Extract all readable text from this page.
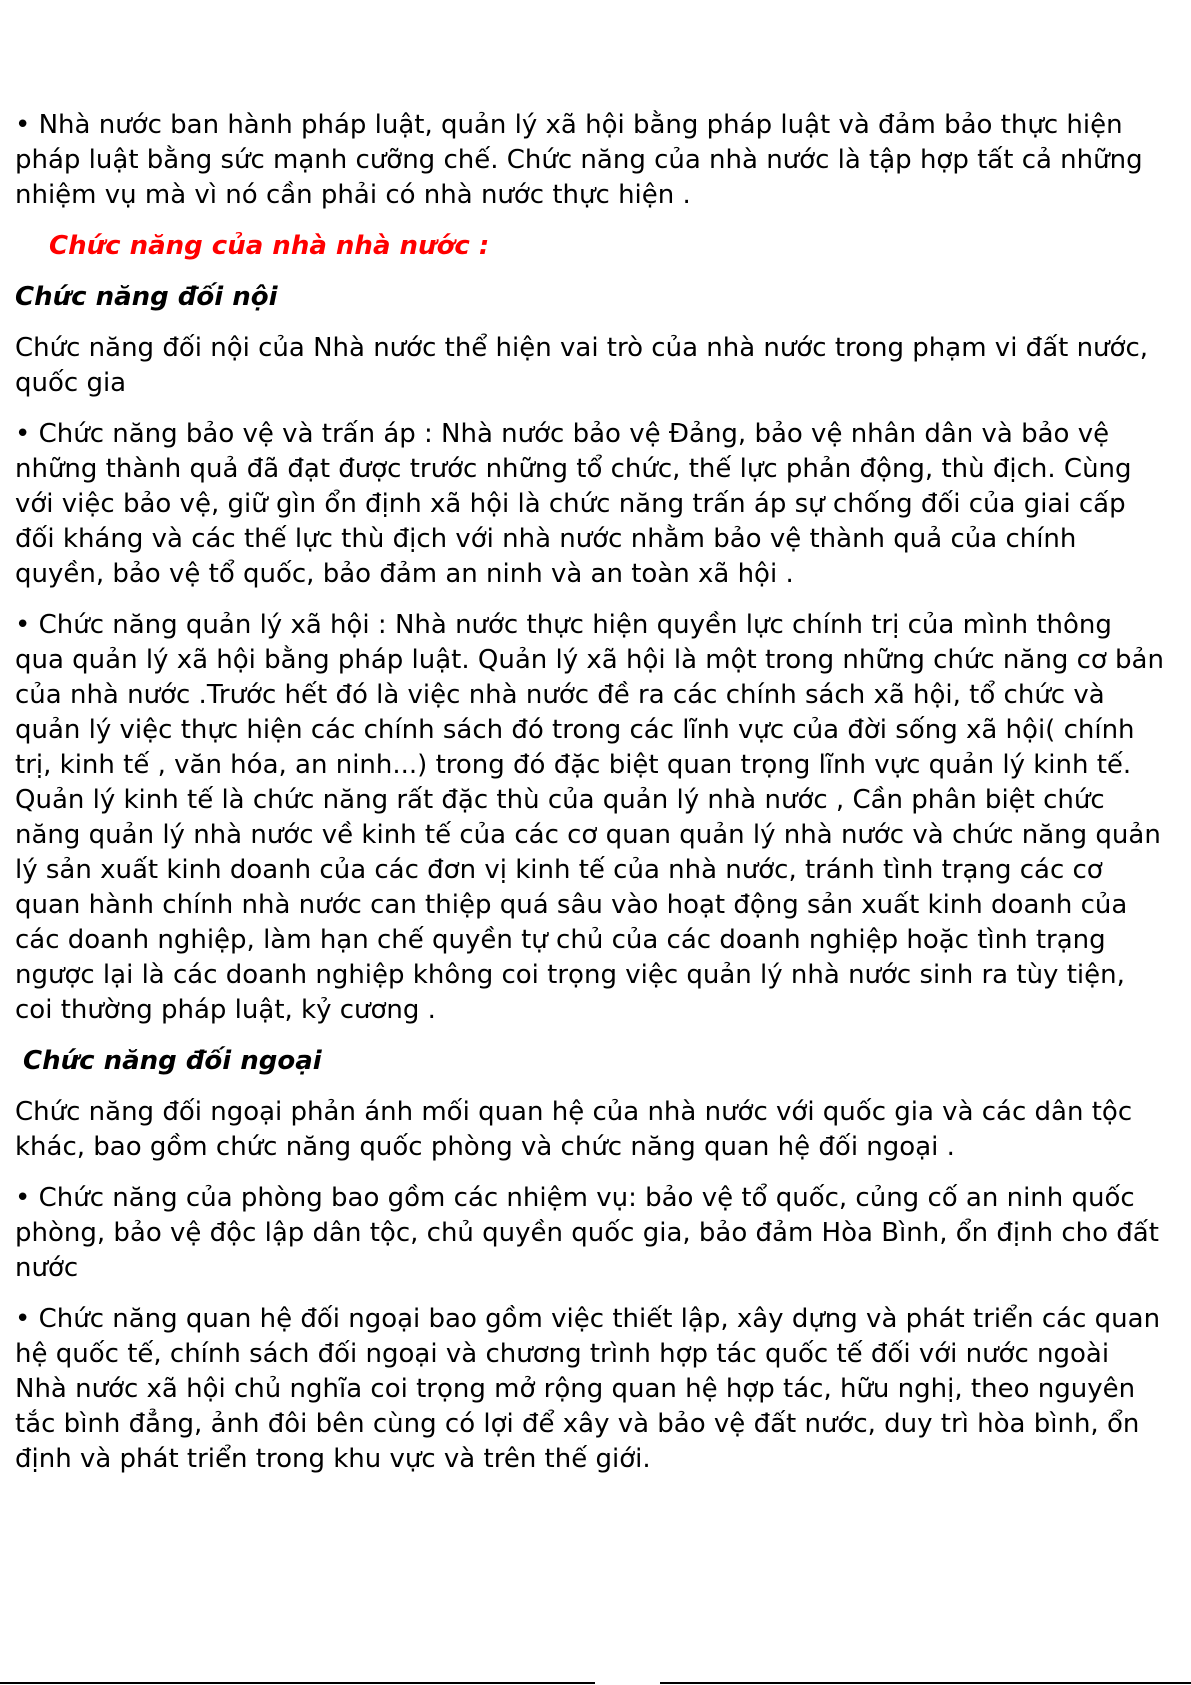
• Nhà nước ban hành pháp luật, quản lý xã hội bằng pháp luật và đảm bảo thực hiện pháp luật bằng sức mạnh cưỡng chế. Chức năng của nhà nước là tập hợp tất cả những nhiệm vụ mà vì nó cần phải có nhà nước thực hiện .

Chức năng của nhà nhà nước :

Chức năng đối nội

Chức năng đối nội của Nhà nước thể hiện vai trò của nhà nước trong phạm vi đất nước, quốc gia

• Chức năng bảo vệ và trấn áp : Nhà nước bảo vệ Đảng, bảo vệ nhân dân và bảo vệ những thành quả đã đạt được trước những tổ chức, thế lực phản động, thù địch. Cùng với việc bảo vệ, giữ gìn ổn định xã hội là chức năng trấn áp sự chống đối của giai cấp đối kháng và các thế lực thù địch với nhà nước nhằm bảo vệ thành quả của chính quyền, bảo vệ tổ quốc, bảo đảm an ninh và an toàn xã hội .

• Chức năng quản lý xã hội : Nhà nước thực hiện quyền lực chính trị của mình thông qua quản lý xã hội bằng pháp luật. Quản lý xã hội là một trong những chức năng cơ bản của nhà nước .Trước hết đó là việc nhà nước đề ra các chính sách xã hội, tổ chức và quản lý việc thực hiện các chính sách đó trong các lĩnh vực của đời sống xã hội( chính trị, kinh tế , văn hóa, an ninh...) trong đó đặc biệt quan trọng lĩnh vực quản lý kinh tế. Quản lý kinh tế là chức năng rất đặc thù của quản lý nhà nước , Cần phân biệt chức năng quản lý nhà nước về kinh tế của các cơ quan quản lý nhà nước và chức năng quản lý sản xuất kinh doanh của các đơn vị kinh tế của nhà nước, tránh tình trạng các cơ quan hành chính nhà nước can thiệp quá sâu vào hoạt động sản xuất kinh doanh của các doanh nghiệp, làm hạn chế quyền tự chủ của các doanh nghiệp hoặc tình trạng ngược lại là các doanh nghiệp không coi trọng việc quản lý nhà nước sinh ra tùy tiện, coi thường pháp luật, kỷ cương .

Chức năng đối ngoại

Chức năng đối ngoại phản ánh mối quan hệ của nhà nước với quốc gia và các dân tộc khác, bao gồm chức năng quốc phòng và chức năng quan hệ đối ngoại .

• Chức năng của phòng bao gồm các nhiệm vụ: bảo vệ tổ quốc, củng cố an ninh quốc phòng, bảo vệ độc lập dân tộc, chủ quyền quốc gia, bảo đảm Hòa Bình, ổn định cho đất nước

• Chức năng quan hệ đối ngoại bao gồm việc thiết lập, xây dựng và phát triển các quan hệ quốc tế, chính sách đối ngoại và chương trình hợp tác quốc tế đối với nước ngoài Nhà nước xã hội chủ nghĩa coi trọng mở rộng quan hệ hợp tác, hữu nghị, theo nguyên tắc bình đẳng, ảnh đôi bên cùng có lợi để xây và bảo vệ đất nước, duy trì hòa bình, ổn định và phát triển trong khu vực và trên thế giới.
